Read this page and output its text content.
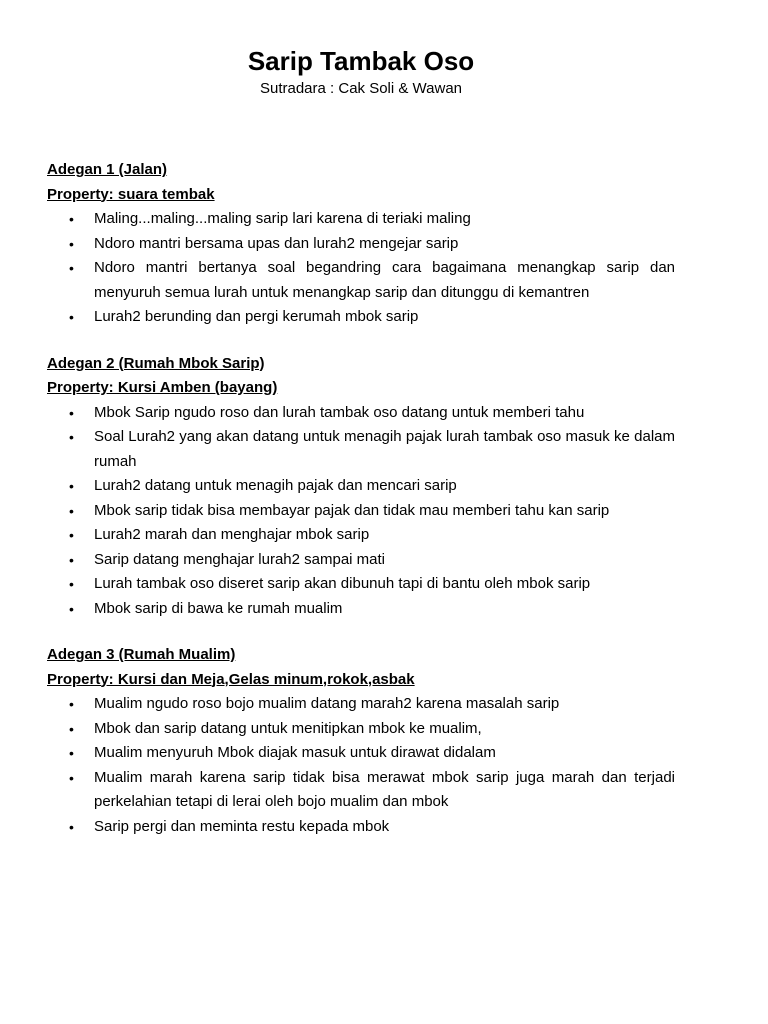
Sarip Tambak Oso

Sutradara : Cak Soli & Wawan

Adegan 1 (Jalan)

Property: suara tembak

• Maling...maling...maling sarip lari karena di teriaki maling
• Ndoro mantri bersama upas dan lurah2 mengejar sarip
• Ndoro mantri bertanya soal begandring cara bagaimana menangkap sarip dan menyuruh semua lurah untuk menangkap sarip dan ditunggu di kemantren
• Lurah2 berunding dan pergi kerumah mbok sarip

Adegan 2 (Rumah Mbok Sarip)

Property: Kursi Amben (bayang)

• Mbok Sarip ngudo roso dan lurah tambak oso datang untuk memberi tahu
• Soal Lurah2 yang akan datang untuk menagih pajak lurah tambak oso masuk ke dalam rumah
• Lurah2 datang untuk menagih pajak dan mencari sarip
• Mbok sarip tidak bisa membayar pajak dan tidak mau memberi tahu kan sarip
• Lurah2 marah dan menghajar mbok sarip
• Sarip datang menghajar lurah2 sampai mati
• Lurah tambak oso diseret sarip akan dibunuh tapi di bantu oleh mbok sarip
• Mbok sarip di bawa ke rumah mualim

Adegan 3 (Rumah Mualim)

Property: Kursi dan Meja,Gelas minum,rokok,asbak

• Mualim ngudo roso bojo mualim datang marah2 karena masalah sarip
• Mbok dan sarip datang untuk menitipkan mbok ke mualim,
• Mualim menyuruh Mbok diajak masuk untuk dirawat didalam
• Mualim marah karena sarip tidak bisa merawat mbok sarip juga marah dan terjadi perkelahian tetapi di lerai oleh bojo mualim dan mbok
• Sarip pergi dan meminta restu kepada mbok
